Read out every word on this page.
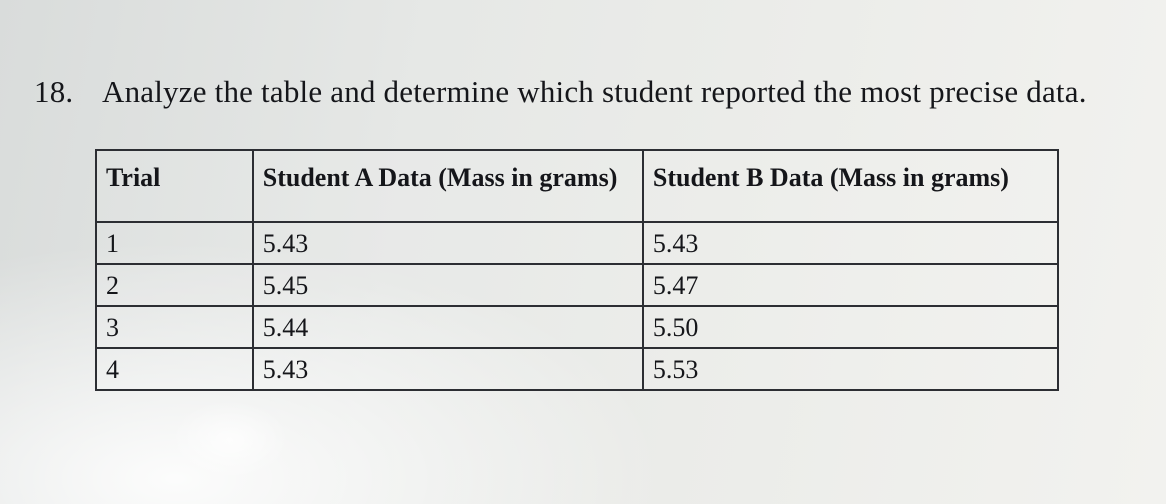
18. Analyze the table and determine which student reported the most precise data.
Trial	Student A Data (Mass in grams)	Student B Data (Mass in grams)
1	5.43	5.43
2	5.45	5.47
3	5.44	5.50
4	5.43	5.53
